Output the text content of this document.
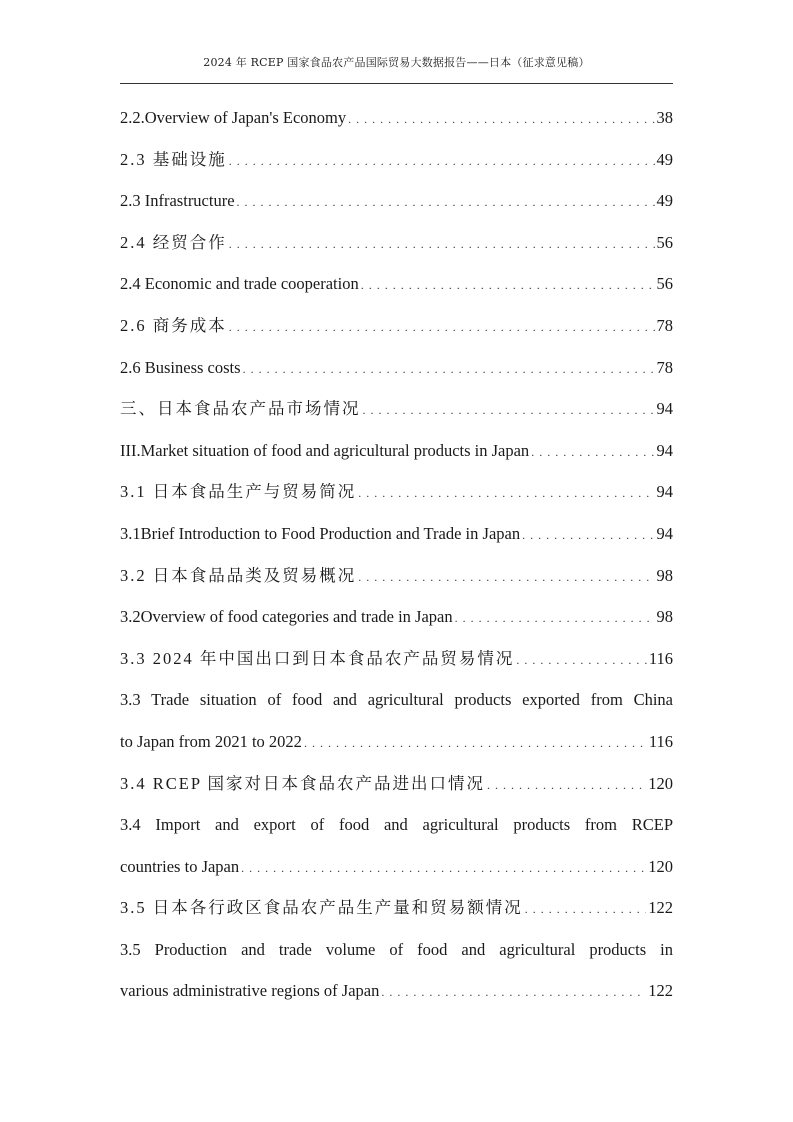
2024 年 RCEP 国家食品农产品国际贸易大数据报告——日本（征求意见稿）
2.2.Overview of Japan's Economy . . .	38
2.3 基础设施 . . .	49
2.3 Infrastructure . . .	49
2.4 经贸合作 . . .	56
2.4 Economic and trade cooperation . . .	56
2.6 商务成本 . . .	78
2.6 Business costs . . .	78
三、日本食品农产品市场情况 . . .	94
III.Market situation of food and agricultural products in Japan . . .	94
3.1 日本食品生产与贸易简况 . . .	94
3.1Brief Introduction to Food Production and Trade in Japan . . .	94
3.2 日本食品品类及贸易概况 . . .	98
3.2Overview of food categories and trade in Japan . . .	98
3.3 2024 年中国出口到日本食品农产品贸易情况 . . .	116
3.3 Trade situation of food and agricultural products exported from China
to Japan from 2021 to 2022 . . .	116
3.4 RCEP 国家对日本食品农产品进出口情况 . . .	120
3.4 Import and export of food and agricultural products from RCEP
countries to Japan . . .	120
3.5 日本各行政区食品农产品生产量和贸易额情况 . . .	122
3.5 Production and trade volume of food and agricultural products in
various administrative regions of Japan . . .	122
